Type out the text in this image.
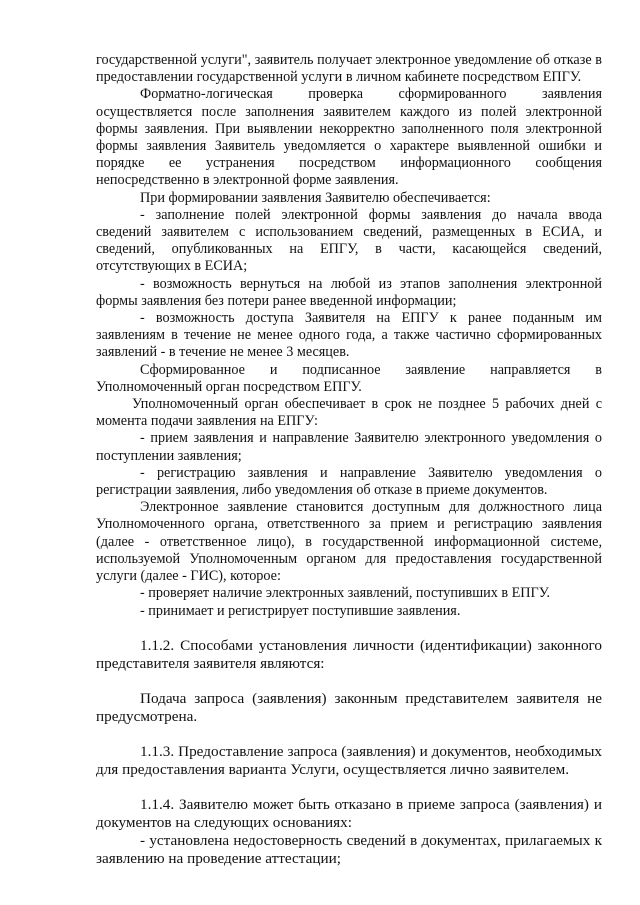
государственной услуги", заявитель получает электронное уведомление об отказе в предоставлении государственной услуги в личном кабинете посредством ЕПГУ.

Форматно-логическая проверка сформированного заявления осуществляется после заполнения заявителем каждого из полей электронной формы заявления. При выявлении некорректно заполненного поля электронной формы заявления Заявитель уведомляется о характере выявленной ошибки и порядке ее устранения посредством информационного сообщения непосредственно в электронной форме заявления.

При формировании заявления Заявителю обеспечивается:

- заполнение полей электронной формы заявления до начала ввода сведений заявителем с использованием сведений, размещенных в ЕСИА, и сведений, опубликованных на ЕПГУ, в части, касающейся сведений, отсутствующих в ЕСИА;

- возможность вернуться на любой из этапов заполнения электронной формы заявления без потери ранее введенной информации;

- возможность доступа Заявителя на ЕПГУ к ранее поданным им заявлениям в течение не менее одного года, а также частично сформированных заявлений - в течение не менее 3 месяцев.

Сформированное и подписанное заявление направляется в Уполномоченный орган посредством ЕПГУ.

Уполномоченный орган обеспечивает в срок не позднее 5 рабочих дней с момента подачи заявления на ЕПГУ:

- прием заявления и направление Заявителю электронного уведомления о поступлении заявления;

- регистрацию заявления и направление Заявителю уведомления о регистрации заявления, либо уведомления об отказе в приеме документов.

Электронное заявление становится доступным для должностного лица Уполномоченного органа, ответственного за прием и регистрацию заявления (далее - ответственное лицо), в государственной информационной системе, используемой Уполномоченным органом для предоставления государственной услуги (далее - ГИС), которое:

- проверяет наличие электронных заявлений, поступивших в ЕПГУ.

- принимает и регистрирует поступившие заявления.

1.1.2. Способами установления личности (идентификации) законного представителя заявителя являются:

Подача запроса (заявления) законным представителем заявителя не предусмотрена.

1.1.3. Предоставление запроса (заявления) и документов, необходимых для предоставления варианта Услуги, осуществляется лично заявителем.

1.1.4. Заявителю может быть отказано в приеме запроса (заявления) и документов на следующих основаниях:

- установлена недостоверность сведений в документах, прилагаемых к заявлению на проведение аттестации;
